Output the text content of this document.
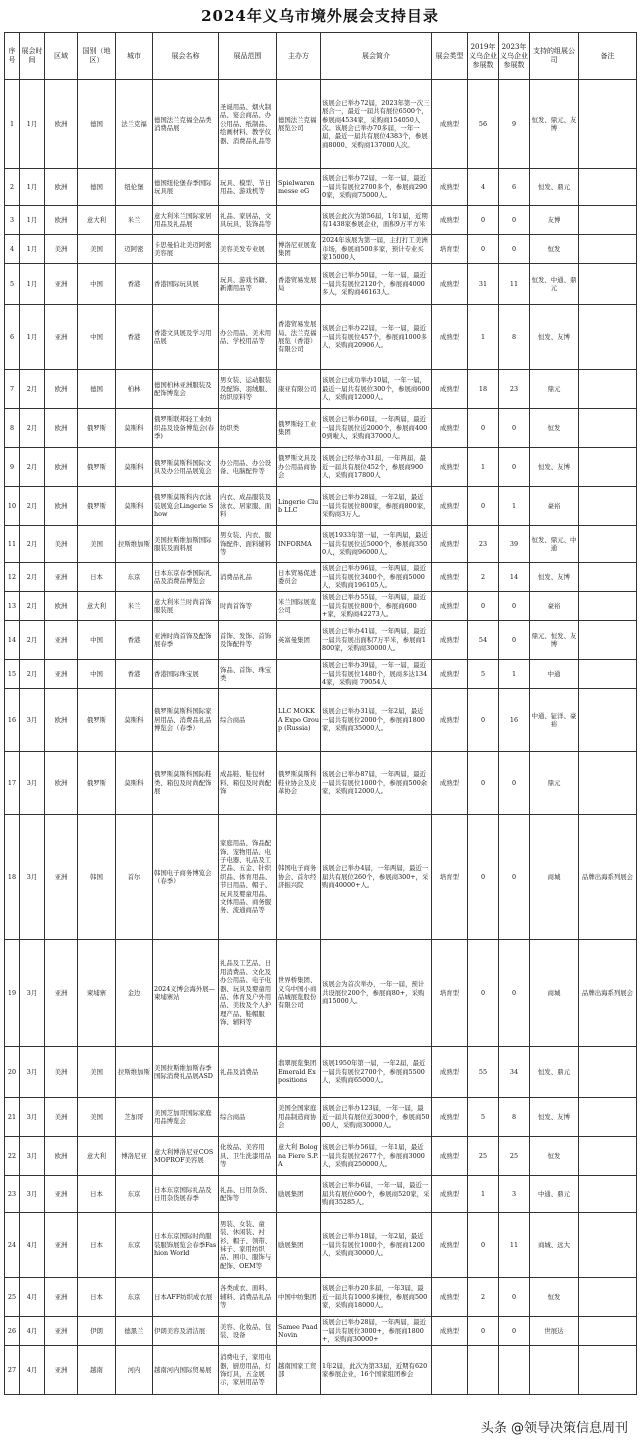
2024年义乌市境外展会支持目录
序号	展会时间	区域	国别（地区）	城市	展会名称	展品范围	主办方	展会简介	展会类型	2019年义乌企业参展数	2023年义乌企业参展数	支持的组展公司	备注
1	1月	欧洲	德国	法兰克福	德国法兰克福全品类消费品展	圣诞用品、烟火制品、宴会商品、办公用品、纸制品、绘画材料、教学仪器、消费品礼品等	德国法兰克福展览公司	该展会已举办72届，2023年第一次三展合一，最近一届共有展位6500个，参展商4534家，采购商154050人次。该展会已举办70多届，一年一届，最近一届共有展位4383个，参展商8000、采购商137000人次。	成熟型	56	9	恒发、鼎元、友博	
2	1月	欧洲	德国	纽伦堡	德国纽伦堡春季国际玩具展	玩具、模型、节日用品、游戏机等	Spielwarenmesse eG	该展会已举办72届，一年一届，最近一届共有展位2700多个，参展商2900家，采购商75000人。	成熟型	4	6	恒发、鼎元	
3	1月	欧洲	意大利	米兰	意大利米兰国际家居用品及礼品展	礼品、家居品，文具玩具，装饰品等		该展会此次为第56届，1年1届，近期有1438家参展企业，面积9万平方米	成熟型	0	0	友博	
4	1月	美洲	美国	迈阿密	卡思曼伯北美迈阿密美容展	美容美发专业展	博洛尼亚展览集团	2024年该展为第一届，主打打工美洲市场，参展商500多家，预计专业买家15000人	培育型	0	0	恒发	
5	1月	亚洲	中国	香港	香港国际玩具展	玩具、游戏书籍、新潮用品等	香港贸易发展局	该展会已举办50届，一年一届，最近一届共有展位2120个，参展商4000多人，采购商46163人。	成熟型	31	11	恒发、中通、鼎元	
6	1月	亚洲	中国	香港	香港文具展及学习用品展	办公用品、美术用品、学校用品等	香港贸易发展局、法兰克福展览（香港）有限公司	该展会已举办22届，一年一届，最近一届共有展位457个，参展商1000多人，采购商20906人。	成熟型	1	8	恒发、友博	
7	2月	欧洲	德国	柏林	德国柏林亚洲服装及配饰博览会	男女装、运动服装及配饰、羽绒服、纺织原料等	康亚有限公司	该展会已成功举办10届，一年一届，最近一届共有展位300个，参展商600人，采购商12000人。	成熟型	18	23	鼎元	
8	2月	欧洲	俄罗斯	莫斯科	俄罗斯联邦轻工业纺织品及设备博览会(春季)	纺织类	俄罗斯轻工业集团	该展会已举办60届，一年两届，最近一届共有展位近2000个，参展商4000到啦人，采购商37000人。	成熟型	0	0	恒发	
9	2月	欧洲	俄罗斯	莫斯科	俄罗斯莫斯科国际文具及办公用品展览会	办公用品、办公设备、电脑配件等	俄罗斯文具及办公用品商协会	该展会已经举办31届，一年两届，最近一届共有展位452个，参展商900人，采购商17800人	成熟型	1	0	恒发、友博	
10	2月	欧洲	俄罗斯	莫斯科	俄罗斯莫斯科内衣泳装展览会Lingerie Show	内衣、成品服装及泳衣、居家服、面料	Lingerie Club LLC	该展会已举办28届，一年2届，最近一届共有展位800家，参展商800家，采购商3万人。	成熟型	0	1	豪裕	
11	2月	美洲	美国	拉斯维加斯	美国拉斯维加斯国际服装及面料展	男女装、内衣、服饰配件、面料辅料等	INFORMA	该展1933年第一届，一年两届，最近一届共有展位近5000个，参展商3500人，采购商96000人。	成熟型	23	39	恒发、鼎元、中通	
12	2月	亚洲	日本	东京	日本东京春季国际礼品及消费品博览会	消费品礼品	日本贸易促进委员会	该展会已举办96届，一年两届，最近一届共有展位3400个，参展商5000人，采购商196105人。	成熟型	2	14	恒发、友博	
13	2月	欧洲	意大利	米兰	意大利米兰时尚首饰服装展	时尚首饰等	米兰国际展览公司	该展会已举办55届，一年两届，最近一届共有展位800个，参展商600+家，采购商42273人。	成熟型	0	0	豪裕	
14	2月	亚洲	中国	香港	亚洲时尚首饰及配饰展春季	首饰、发饰、首饰及饰配件等	英富曼集团	该展会已举办41届，一年两届，最近一届共有展出面积7万平米，参展商1800家，采购商30000人。	成熟型	54	0	鼎元、恒发、友博	
15	2月	亚洲	中国	香港	香港国际珠宝展	饰品、首饰、珠宝类		该展会已举办39届，一年一届，最近一届共有展位1480个，展商多达1344家，采购商 79054人	成熟型	5	1	中通	
16	3月	欧洲	俄罗斯	莫斯科	俄罗斯莫斯科国际家居用品、消费品礼品博览会（春季）	综合商品	LLC MOKKA Expo Group (Russia)	该展会已举办31届，一年2届，最近一届共有展位2000个，参展商1800家，采购商35000人。	成熟型	0	16	中通、钲洋、豪裕	
17	3月	欧洲	俄罗斯	莫斯科	俄罗斯莫斯科国际鞋类、箱包及时尚配饰展	成品鞋、鞋包材料、箱包及时尚配饰	俄罗斯莫斯科鞋业协会及皮革协会	该展会已举办87届，一年两届，最近一届共有展位1000个，参展商500余家，采购商12000人。	成熟型	0	0	鼎元	
18	3月	亚洲	韩国	首尔	韩国电子商务博览会（春季）	家庭用品、饰品配饰、宠物用品、电子电器、礼品及工艺品、五金、针织织品、体育用品、节日用品、帽子、玩具及婴童用品、文体用品、商务服务、流通商品等	韩国电子商务协会、首尔经济振兴院	该展会已举办4届，一年两届，最近一届共有展位260个，参展商300+，采购商40000+人。	培育型	0	0	商城	品牌出海系列展会
19	3月	亚洲	柬埔寨	金边	2024义博会海外展—柬埔寨站	礼品及工艺品、日用消费品、文化及办公用品、电子电器、玩具及婴童用品、体育及户外用品、美妆及个人护理产品、鞋帽服饰、辅料等	世界桥集团、义乌中国小商品城展览股份有限公司	该展会为首次举办，一年一届，预计共设展位200个，参展商80+，采购商15000人。	培育型	0	0	商城	品牌出海系列展会
20	3月	美洲	美国	拉斯维加斯	美国拉斯维加斯春季国际消费礼品展ASD	礼品及消费品	翡翠展览集团 Emerald Expositions	该展1950年第一届，一年2届，最近一届共有展位2700个，参展商5500人，采购商65000人。	成熟型	55	34	恒发、鼎元	
21	3月	美洲	美国	芝加哥	美国芝加哥国际家庭用品博览会	综合商品	美国全国家庭用品制造商协会	该展会已举办123届，一年一届，最近一届共有展位近3000个，参展商5000人，采购商30000人。	成熟型	5	8	恒发、友博	
22	3月	欧洲	意大利	博洛尼亚	意大利博洛尼亚COSMOPROF美容展	化妆品、美容用具、卫生洗漆用品等	意大利 Bologna Fiere S.P.A	该展会已举办56届，一年1届，最近一届共有展位2677个，参展商3000人，采购商250000人。	成熟型	25	25	恒发	
23	3月	亚洲	日本	东京	日本东京国际礼品及日用杂货展春季	礼品、日用杂货、配饰等	励展集团	该展会已举办6届，一年一届，最近一届共有展位600个，参展商520家，采购商35285人。	成熟型	1	3	中通、鼎元	
24	4月	亚洲	日本	东京	日本东京国际时尚服装服饰展览会春季Fashion World	男装、女装、童装、休闲装、衬衫、帽子、领带、袜子、家用纺织品、围巾、服饰与配饰、OEM等	励展集团	该展会已举办18届，一年2届，最近一届共有展位1000个，参展商1200人，采购商30000人。	成熟型	0	11	商城、远大	
25	4月	亚洲	日本	东京	日本AFF纺织成衣展	各类成衣、面料、辅料、消费品礼品等	中国中纺集团	该展会已举办20多届，一年3届，最近一届共有1000多摊位，参展商500家，采购商18000人。	成熟型	2	0	恒发	
26	4月	亚洲	伊朗	德黑兰	伊朗美容及清洁展	美容、化妆品、包装、设备	Samee Paad Novin	该展会已举办28届，一年两届，最近一届共有展位3000+，参展商1800+，采购商30000+	成熟型	0	0	世展达	
27	4月	亚洲	越南	河内	越南河内国际贸易展	消费电子，家用电器，厨房用品，灯饰灯具，五金展示，家居用品等	越南国家工贸部	1年2届，此次为第33届，近期有620家参展企业，16个国家组团参会					
头条 @领导决策信息周刊
